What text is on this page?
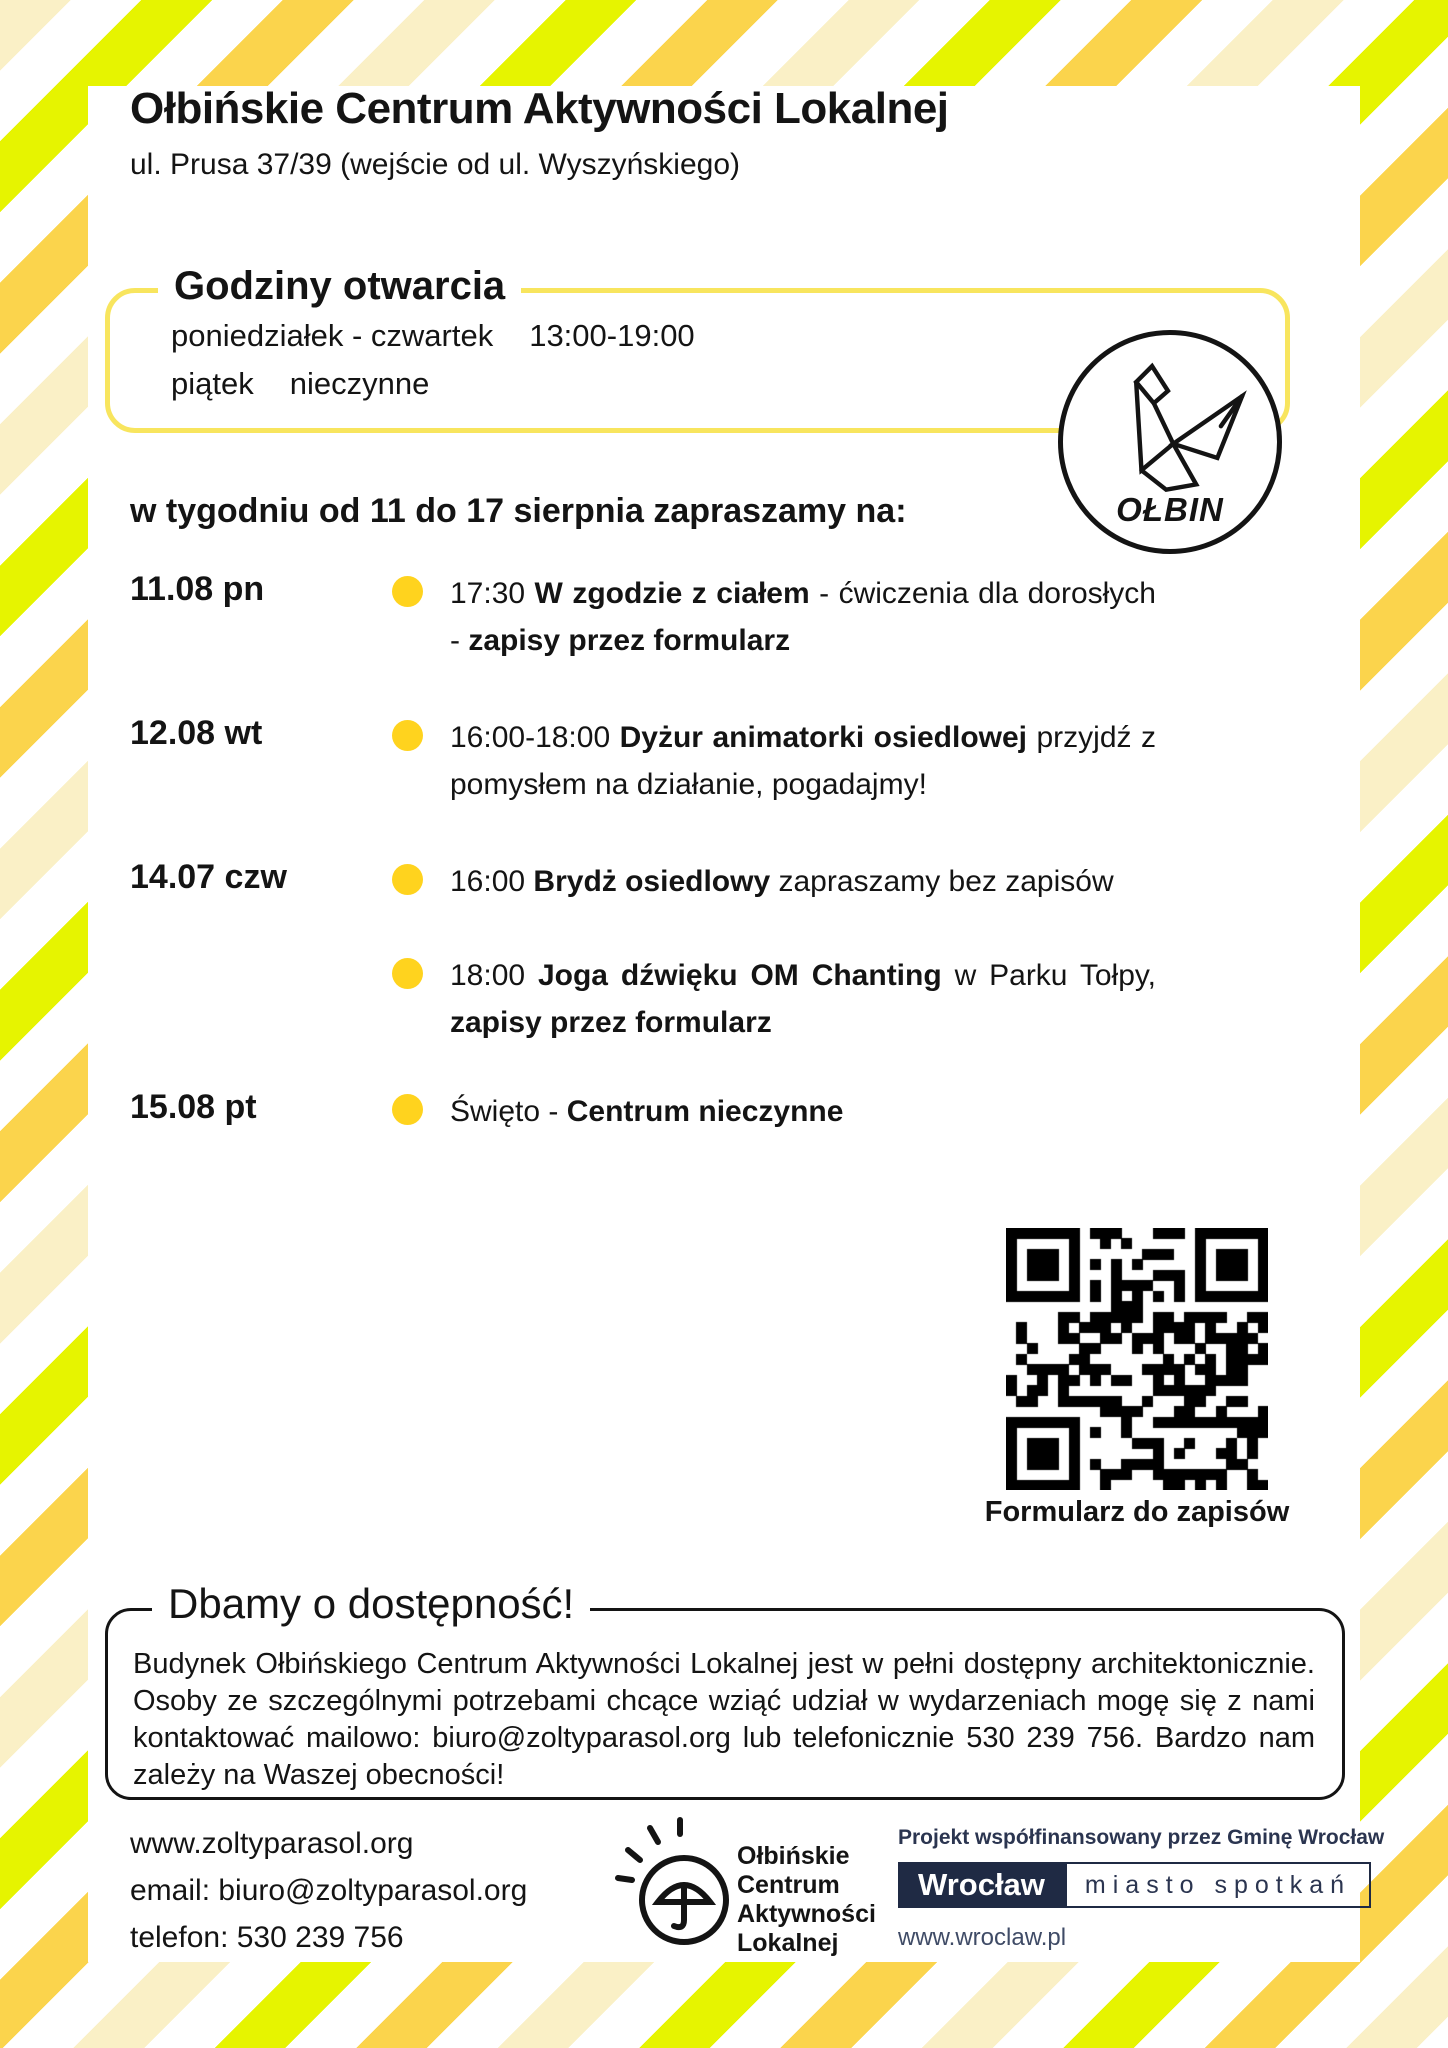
Ołbińskie Centrum Aktywności Lokalnej
ul. Prusa 37/39 (wejście od ul. Wyszyńskiego)
Godziny otwarcia
poniedziałek - czwartek 13:00-19:00
piątek nieczynne
OŁBIN
w tygodniu od 11 do 17 sierpnia zapraszamy na:
11.08 pn	17:30 W zgodzie z ciałem - ćwiczenia dla dorosłych - zapisy przez formularz
12.08 wt	16:00-18:00 Dyżur animatorki osiedlowej przyjdź z pomysłem na działanie, pogadajmy!
14.07 czw	16:00 Brydż osiedlowy zapraszamy bez zapisów
18:00 Joga dźwięku OM Chanting w Parku Tołpy, zapisy przez formularz
15.08 pt	Święto - Centrum nieczynne
Formularz do zapisów
Dbamy o dostępność!
Budynek Ołbińskiego Centrum Aktywności Lokalnej jest w pełni dostępny architektonicznie. Osoby ze szczególnymi potrzebami chcące wziąć udział w wydarzeniach mogę się z nami kontaktować mailowo: biuro@zoltyparasol.org lub telefonicznie 530 239 756. Bardzo nam zależy na Waszej obecności!
www.zoltyparasol.org
email: biuro@zoltyparasol.org
telefon: 530 239 756
Ołbińskie
Centrum
Aktywności
Lokalnej
Projekt współfinansowany przez Gminę Wrocław
Wrocław	miasto spotkań
www.wroclaw.pl
